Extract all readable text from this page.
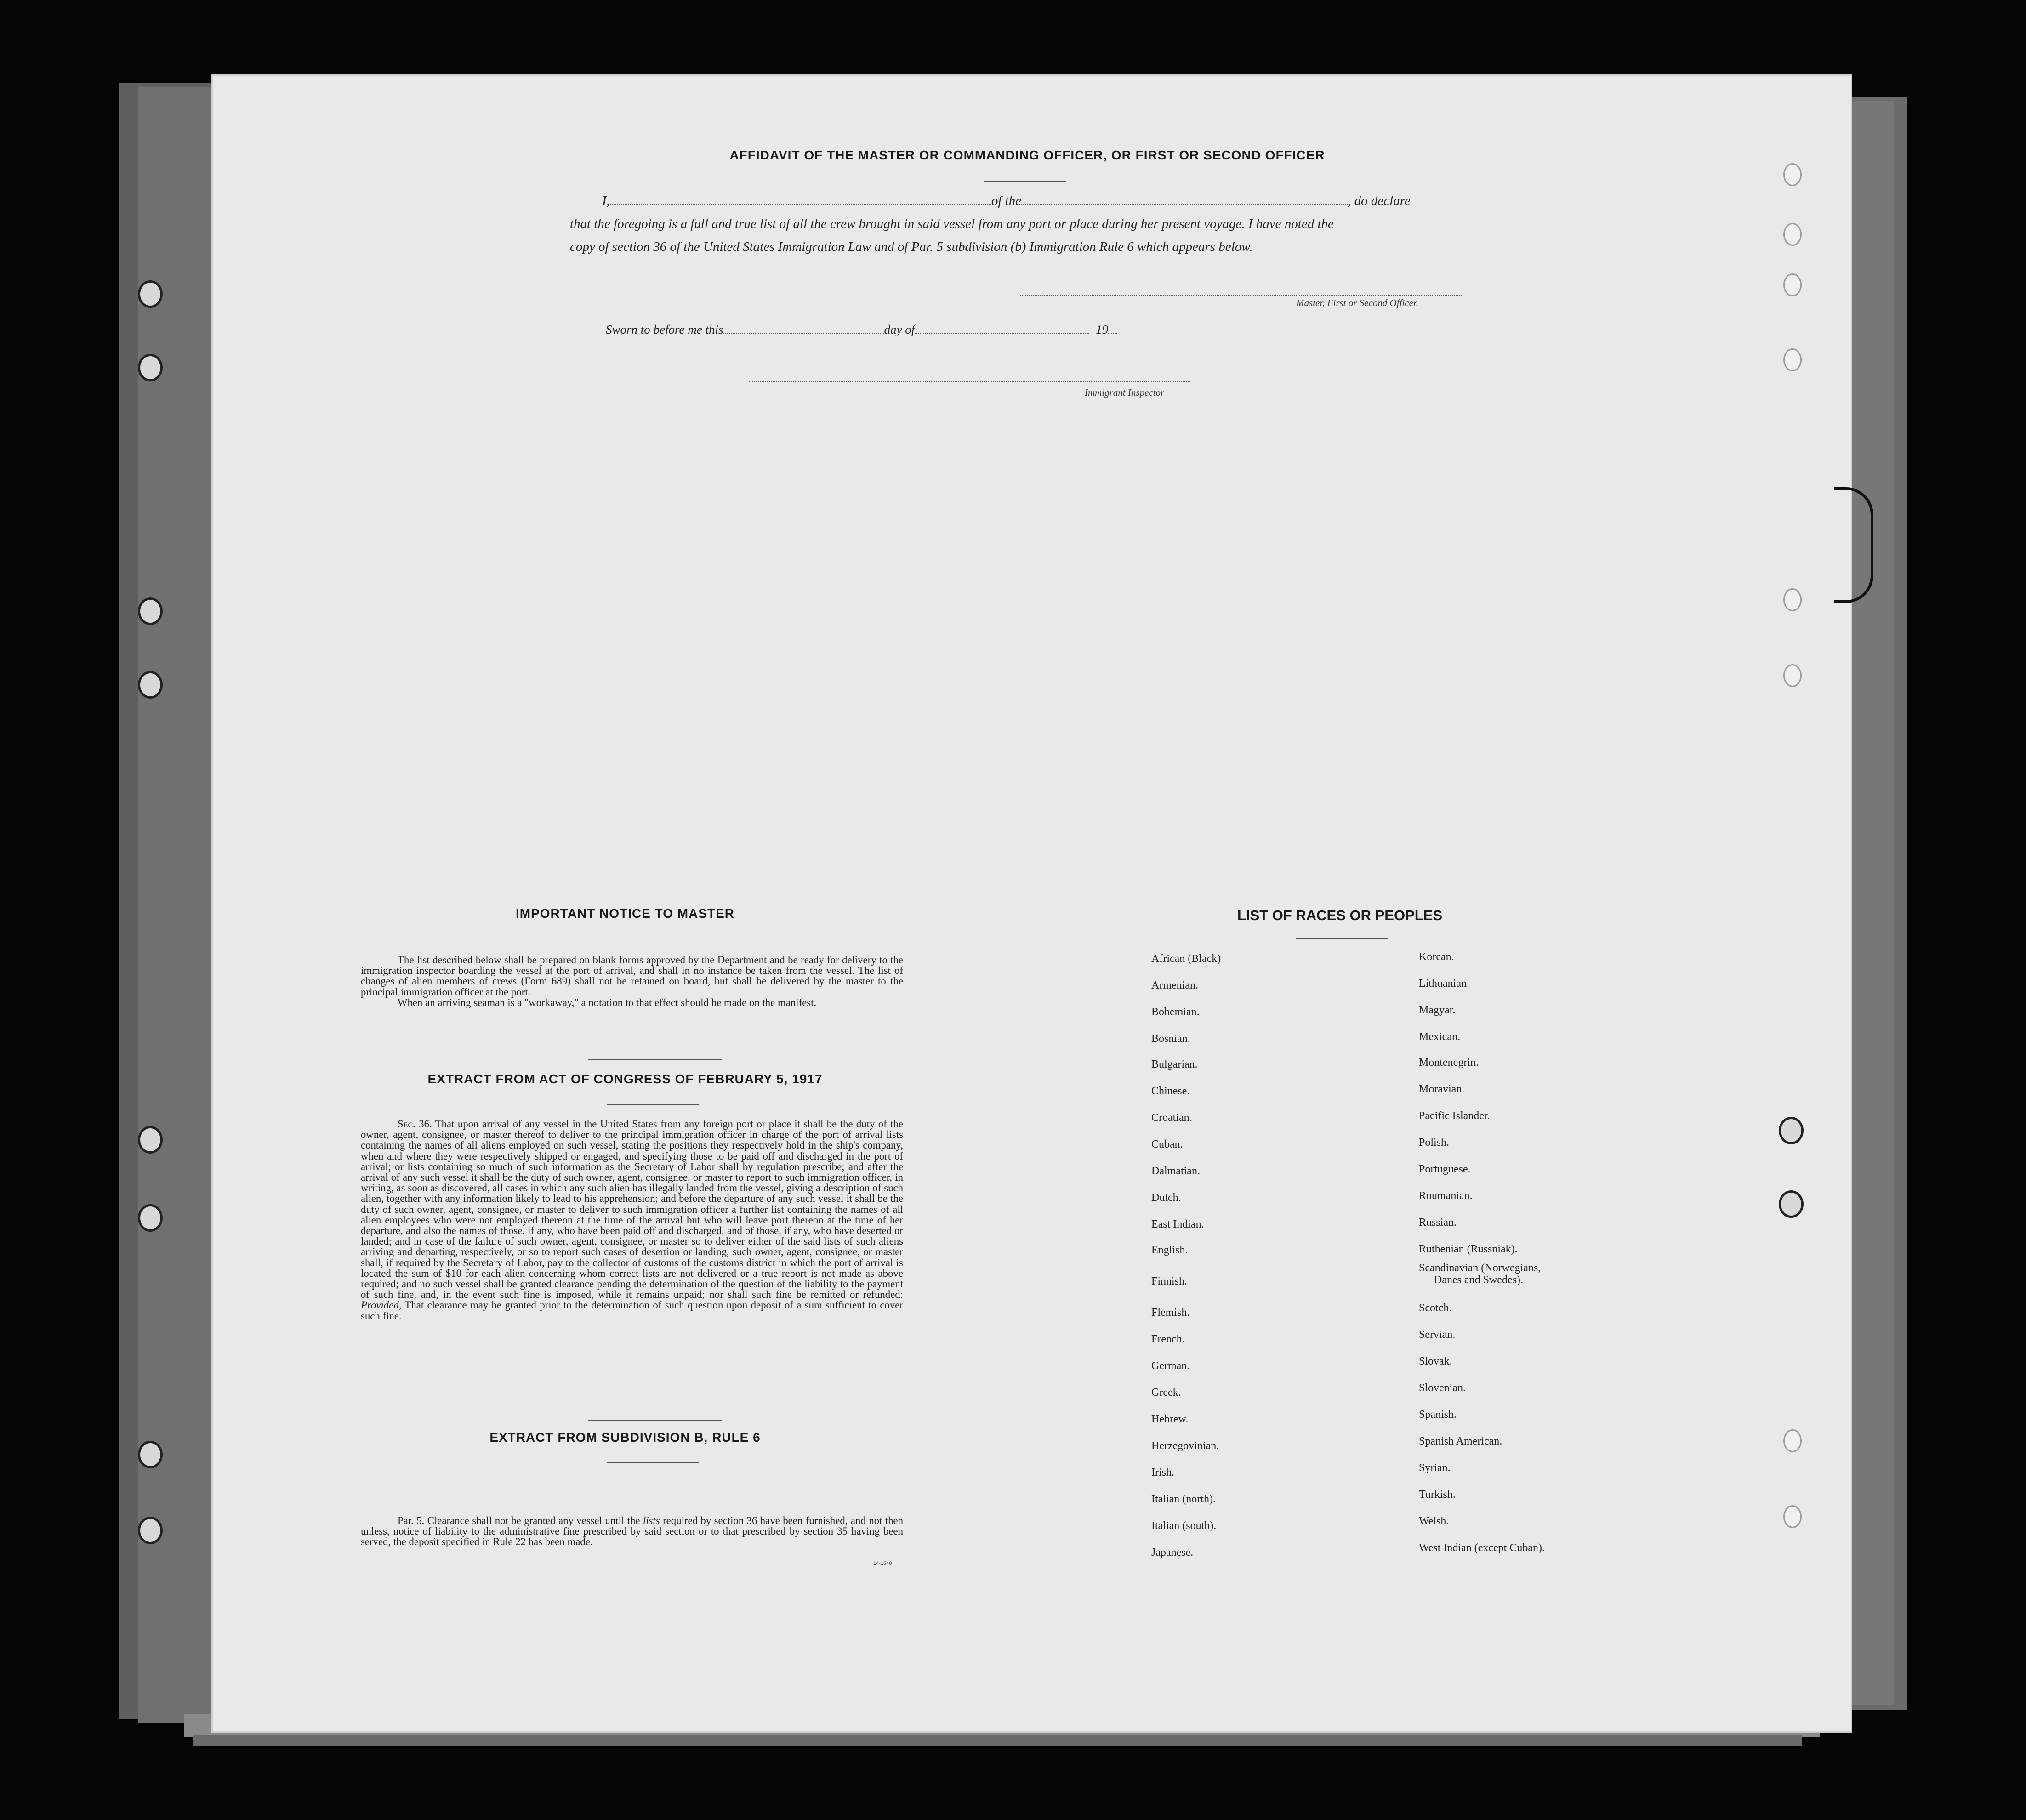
AFFIDAVIT OF THE MASTER OR COMMANDING OFFICER, OR FIRST OR SECOND OFFICER
I,	of the	, do declare
that the foregoing is a full and true list of all the crew brought in said vessel from any port or place during her present voyage. I have noted the
copy of section 36 of the United States Immigration Law and of Par. 5 subdivision (b) Immigration Rule 6 which appears below.
Master, First or Second Officer.
Sworn to before me this	day of	19
Immigrant Inspector
IMPORTANT NOTICE TO MASTER

The list described below shall be prepared on blank forms approved by the Department and be ready for delivery to the immigration inspector boarding the vessel at the port of arrival, and shall in no instance be taken from the vessel. The list of changes of alien members of crews (Form 689) shall not be retained on board, but shall be delivered by the master to the principal immigration officer at the port.

When an arriving seaman is a "workaway," a notation to that effect should be made on the manifest.

EXTRACT FROM ACT OF CONGRESS OF FEBRUARY 5, 1917

Sec. 36. That upon arrival of any vessel in the United States from any foreign port or place it shall be the duty of the owner, agent, consignee, or master thereof to deliver to the principal immigration officer in charge of the port of arrival lists containing the names of all aliens employed on such vessel, stating the positions they respectively hold in the ship's company, when and where they were respectively shipped or engaged, and specifying those to be paid off and discharged in the port of arrival; or lists containing so much of such information as the Secretary of Labor shall by regulation prescribe; and after the arrival of any such vessel it shall be the duty of such owner, agent, consignee, or master to report to such immigration officer, in writing, as soon as discovered, all cases in which any such alien has illegally landed from the vessel, giving a description of such alien, together with any information likely to lead to his apprehension; and before the departure of any such vessel it shall be the duty of such owner, agent, consignee, or master to deliver to such immigration officer a further list containing the names of all alien employees who were not employed thereon at the time of the arrival but who will leave port thereon at the time of her departure, and also the names of those, if any, who have been paid off and discharged, and of those, if any, who have deserted or landed; and in case of the failure of such owner, agent, consignee, or master so to deliver either of the said lists of such aliens arriving and departing, respectively, or so to report such cases of desertion or landing, such owner, agent, consignee, or master shall, if required by the Secretary of Labor, pay to the collector of customs of the customs district in which the port of arrival is located the sum of $10 for each alien concerning whom correct lists are not delivered or a true report is not made as above required; and no such vessel shall be granted clearance pending the determination of the question of the liability to the payment of such fine, and, in the event such fine is imposed, while it remains unpaid; nor shall such fine be remitted or refunded: Provided, That clearance may be granted prior to the determination of such question upon deposit of a sum sufficient to cover such fine.

EXTRACT FROM SUBDIVISION B, RULE 6

Par. 5. Clearance shall not be granted any vessel until the lists required by section 36 have been furnished, and not then unless, notice of liability to the administrative fine prescribed by said section or to that prescribed by section 35 having been served, the deposit specified in Rule 22 has been made.

14-1540
LIST OF RACES OR PEOPLES
African (Black)
Armenian.
Bohemian.
Bosnian.
Bulgarian.
Chinese.
Croatian.
Cuban.
Dalmatian.
Dutch.
East Indian.
English.
Finnish.
Flemish.
French.
German.
Greek.
Hebrew.
Herzegovinian.
Irish.
Italian (north).
Italian (south).
Japanese.
Korean.
Lithuanian.
Magyar.
Mexican.
Montenegrin.
Moravian.
Pacific Islander.
Polish.
Portuguese.
Roumanian.
Russian.
Ruthenian (Russniak).
Scandinavian (Norwegians,
Danes and Swedes).
Scotch.
Servian.
Slovak.
Slovenian.
Spanish.
Spanish American.
Syrian.
Turkish.
Welsh.
West Indian (except Cuban).
